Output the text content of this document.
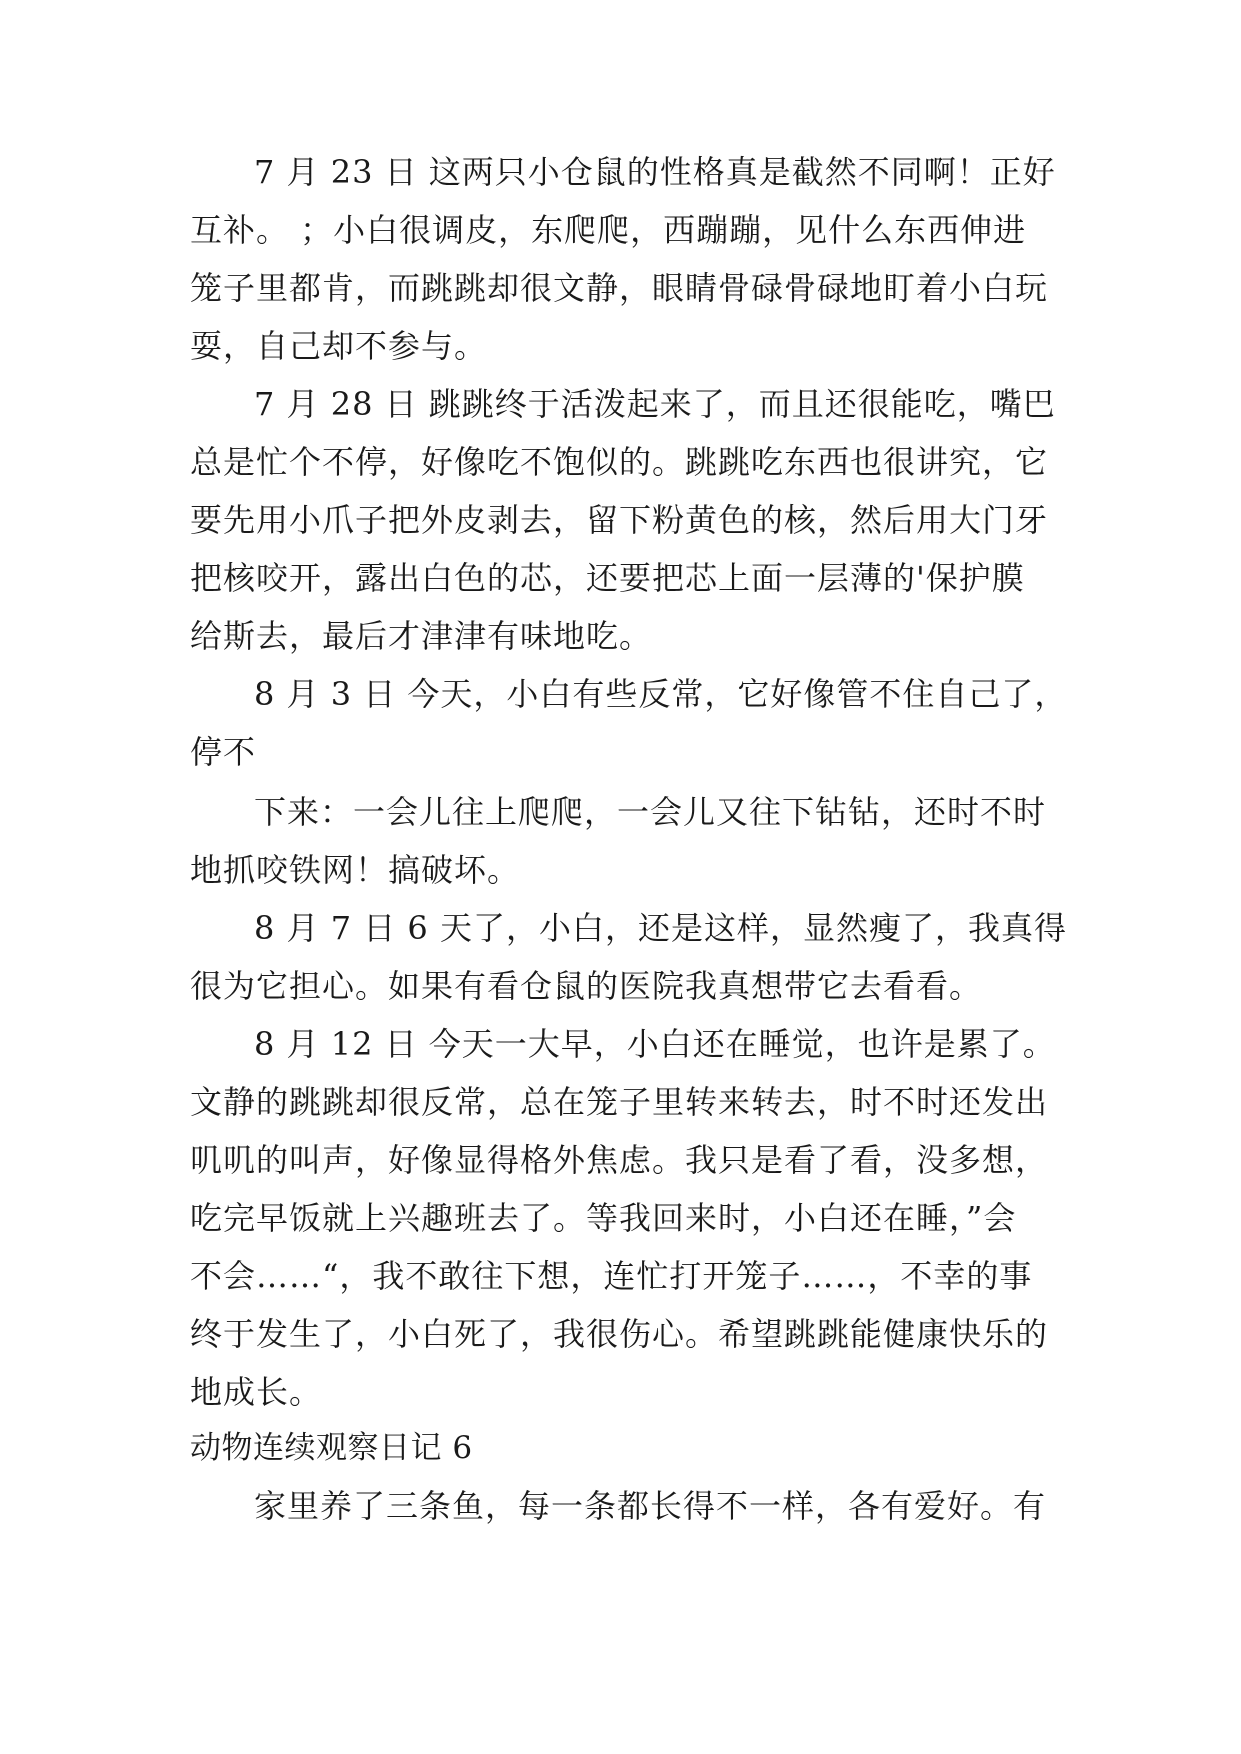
7 月 23 日 这两只小仓鼠的性格真是截然不同啊！正好
互补。 ；小白很调皮，东爬爬，西蹦蹦，见什么东西伸进
笼子里都肯，而跳跳却很文静，眼睛骨碌骨碌地盯着小白玩
耍，自己却不参与。
7 月 28 日 跳跳终于活泼起来了，而且还很能吃，嘴巴
总是忙个不停，好像吃不饱似的。跳跳吃东西也很讲究，它
要先用小爪子把外皮剥去，留下粉黄色的核，然后用大门牙
把核咬开，露出白色的芯，还要把芯上面一层薄的'保护膜
给斯去，最后才津津有味地吃。
8 月 3 日 今天，小白有些反常，它好像管不住自己了，
停不
下来：一会儿往上爬爬，一会儿又往下钻钻，还时不时
地抓咬铁网！搞破坏。
8 月 7 日 6 天了，小白，还是这样，显然瘦了，我真得
很为它担心。如果有看仓鼠的医院我真想带它去看看。
8 月 12 日 今天一大早，小白还在睡觉，也许是累了。
文静的跳跳却很反常，总在笼子里转来转去，时不时还发出
叽叽的叫声，好像显得格外焦虑。我只是看了看，没多想，
吃完早饭就上兴趣班去了。等我回来时，小白还在睡，”会
不会……“，我不敢往下想，连忙打开笼子……，不幸的事
终于发生了，小白死了，我很伤心。希望跳跳能健康快乐的
地成长。
动物连续观察日记 6
家里养了三条鱼，每一条都长得不一样，各有爱好。有
